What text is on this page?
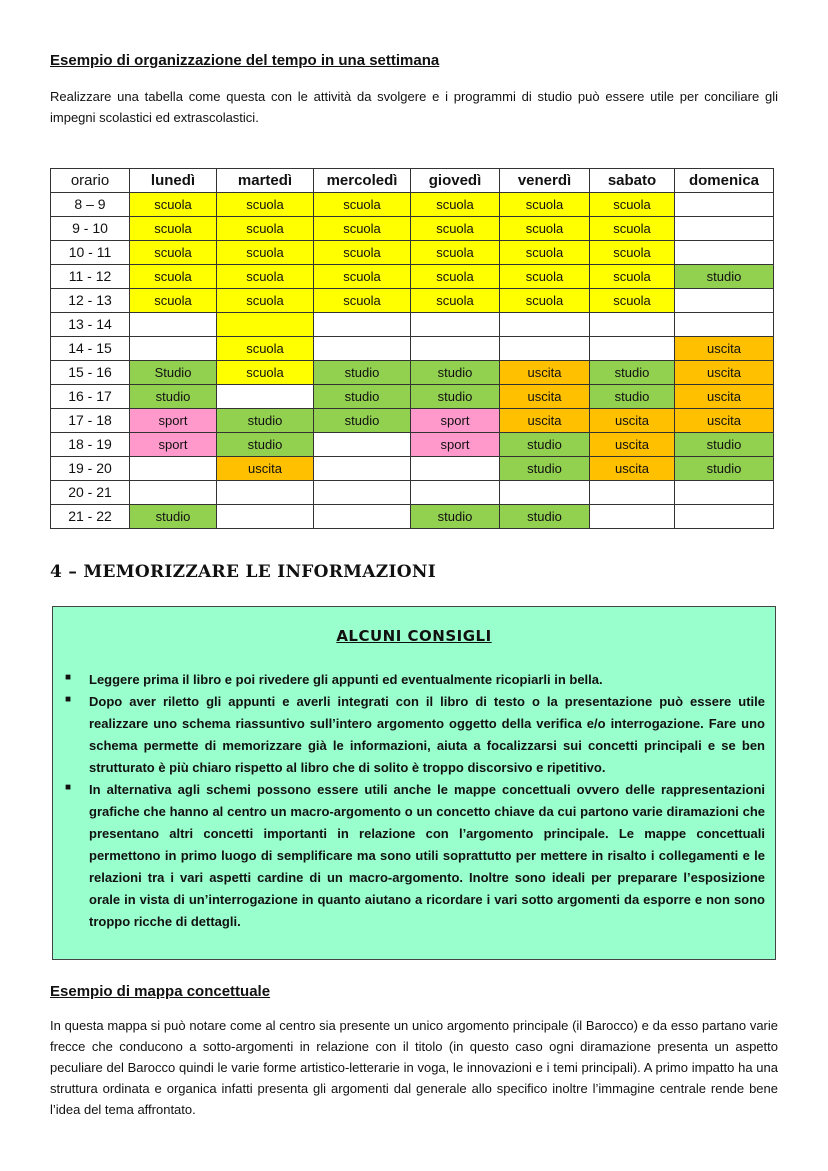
Esempio di organizzazione del tempo in una settimana
Realizzare una tabella come questa con le attività da svolgere e i programmi di studio può essere utile per conciliare gli impegni scolastici ed extrascolastici.
orario	lunedì	martedì	mercoledì	giovedì	venerdì	sabato	domenica
8 – 9	scuola	scuola	scuola	scuola	scuola	scuola	
9 - 10	scuola	scuola	scuola	scuola	scuola	scuola	
10 - 11	scuola	scuola	scuola	scuola	scuola	scuola	
11 - 12	scuola	scuola	scuola	scuola	scuola	scuola	studio
12 - 13	scuola	scuola	scuola	scuola	scuola	scuola	
13 - 14							
14 - 15		scuola					uscita
15 - 16	Studio	scuola	studio	studio	uscita	studio	uscita
16 - 17	studio		studio	studio	uscita	studio	uscita
17 - 18	sport	studio	studio	sport	uscita	uscita	uscita
18 - 19	sport	studio		sport	studio	uscita	studio
19 - 20		uscita			studio	uscita	studio
20 - 21							
21 - 22	studio			studio	studio		
4 – MEMORIZZARE LE INFORMAZIONI
ALCUNI CONSIGLI
■ Leggere prima il libro e poi rivedere gli appunti ed eventualmente ricopiarli in bella.
■ Dopo aver riletto gli appunti e averli integrati con il libro di testo o la presentazione può essere utile realizzare uno schema riassuntivo sull’intero argomento oggetto della verifica e/o interrogazione. Fare uno schema permette di memorizzare già le informazioni, aiuta a focalizzarsi sui concetti principali e se ben strutturato è più chiaro rispetto al libro che di solito è troppo discorsivo e ripetitivo.
■ In alternativa agli schemi possono essere utili anche le mappe concettuali ovvero delle rappresentazioni grafiche che hanno al centro un macro-argomento o un concetto chiave da cui partono varie diramazioni che presentano altri concetti importanti in relazione con l’argomento principale. Le mappe concettuali permettono in primo luogo di semplificare ma sono utili soprattutto per mettere in risalto i collegamenti e le relazioni tra i vari aspetti cardine di un macro-argomento. Inoltre sono ideali per preparare l’esposizione orale in vista di un’interrogazione in quanto aiutano a ricordare i vari sotto argomenti da esporre e non sono troppo ricche di dettagli.
Esempio di mappa concettuale
In questa mappa si può notare come al centro sia presente un unico argomento principale (il Barocco) e da esso partano varie frecce che conducono a sotto-argomenti in relazione con il titolo (in questo caso ogni diramazione presenta un aspetto peculiare del Barocco quindi le varie forme artistico-letterarie in voga, le innovazioni e i temi principali). A primo impatto ha una struttura ordinata e organica infatti presenta gli argomenti dal generale allo specifico inoltre l’immagine centrale rende bene l’idea del tema affrontato.
